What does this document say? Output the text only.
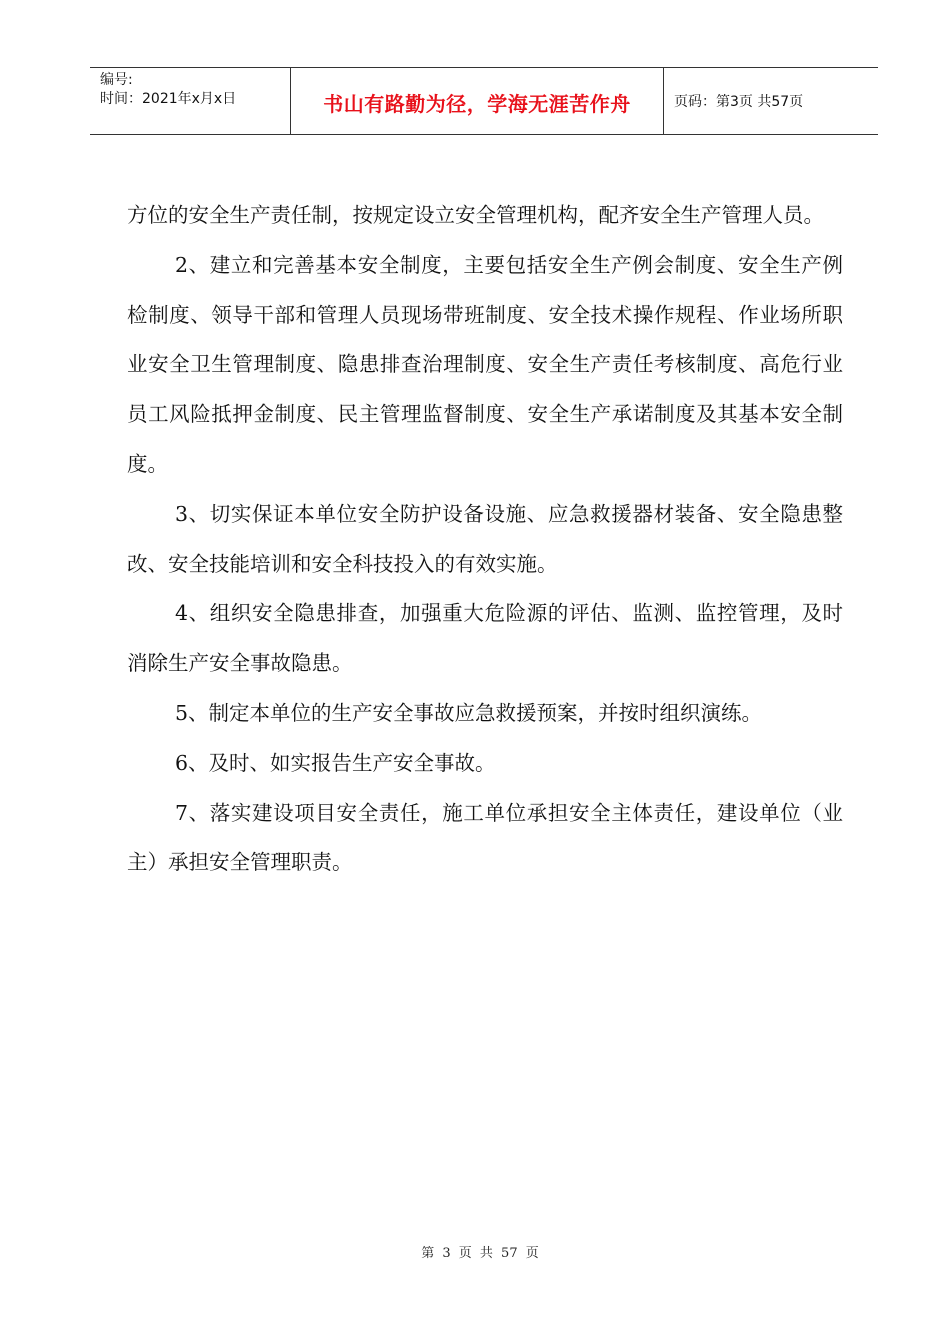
编号:
时间：2021年x月x日	书山有路勤为径，学海无涯苦作舟	页码：第3页 共57页

方位的安全生产责任制，按规定设立安全管理机构，配齐安全生产管理人员。

2、建立和完善基本安全制度，主要包括安全生产例会制度、安全生产例检制度、领导干部和管理人员现场带班制度、安全技术操作规程、作业场所职业安全卫生管理制度、隐患排查治理制度、安全生产责任考核制度、高危行业员工风险抵押金制度、民主管理监督制度、安全生产承诺制度及其基本安全制度。

3、切实保证本单位安全防护设备设施、应急救援器材装备、安全隐患整改、安全技能培训和安全科技投入的有效实施。

4、组织安全隐患排查，加强重大危险源的评估、监测、监控管理，及时消除生产安全事故隐患。

5、制定本单位的生产安全事故应急救援预案，并按时组织演练。

6、及时、如实报告生产安全事故。

7、落实建设项目安全责任，施工单位承担安全主体责任，建设单位（业主）承担安全管理职责。

第 3 页 共 57 页
